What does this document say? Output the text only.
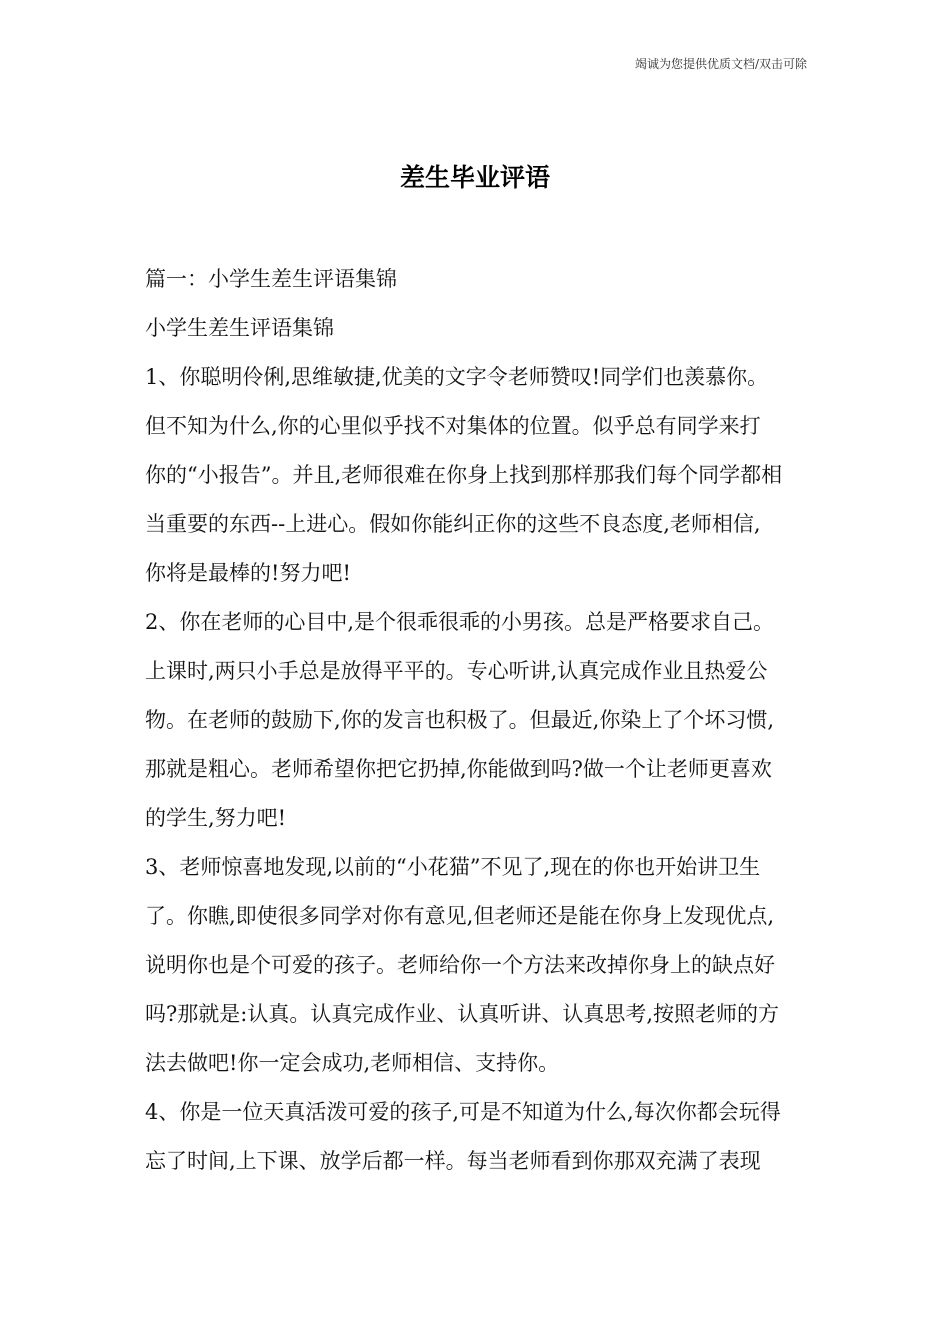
竭诚为您提供优质文档/双击可除
差生毕业评语
篇一：小学生差生评语集锦
小学生差生评语集锦
1、你聪明伶俐,思维敏捷,优美的文字令老师赞叹!同学们也羡慕你。
但不知为什么,你的心里似乎找不对集体的位置。似乎总有同学来打
你的“小报告”。并且,老师很难在你身上找到那样那我们每个同学都相
当重要的东西--上进心。假如你能纠正你的这些不良态度,老师相信,
你将是最棒的!努力吧!
2、你在老师的心目中,是个很乖很乖的小男孩。总是严格要求自己。
上课时,两只小手总是放得平平的。专心听讲,认真完成作业且热爱公
物。在老师的鼓励下,你的发言也积极了。但最近,你染上了个坏习惯,
那就是粗心。老师希望你把它扔掉,你能做到吗?做一个让老师更喜欢
的学生,努力吧!
3、老师惊喜地发现,以前的“小花猫”不见了,现在的你也开始讲卫生
了。你瞧,即使很多同学对你有意见,但老师还是能在你身上发现优点,
说明你也是个可爱的孩子。老师给你一个方法来改掉你身上的缺点好
吗?那就是:认真。认真完成作业、认真听讲、认真思考,按照老师的方
法去做吧!你一定会成功,老师相信、支持你。
4、你是一位天真活泼可爱的孩子,可是不知道为什么,每次你都会玩得
忘了时间,上下课、放学后都一样。每当老师看到你那双充满了表现
